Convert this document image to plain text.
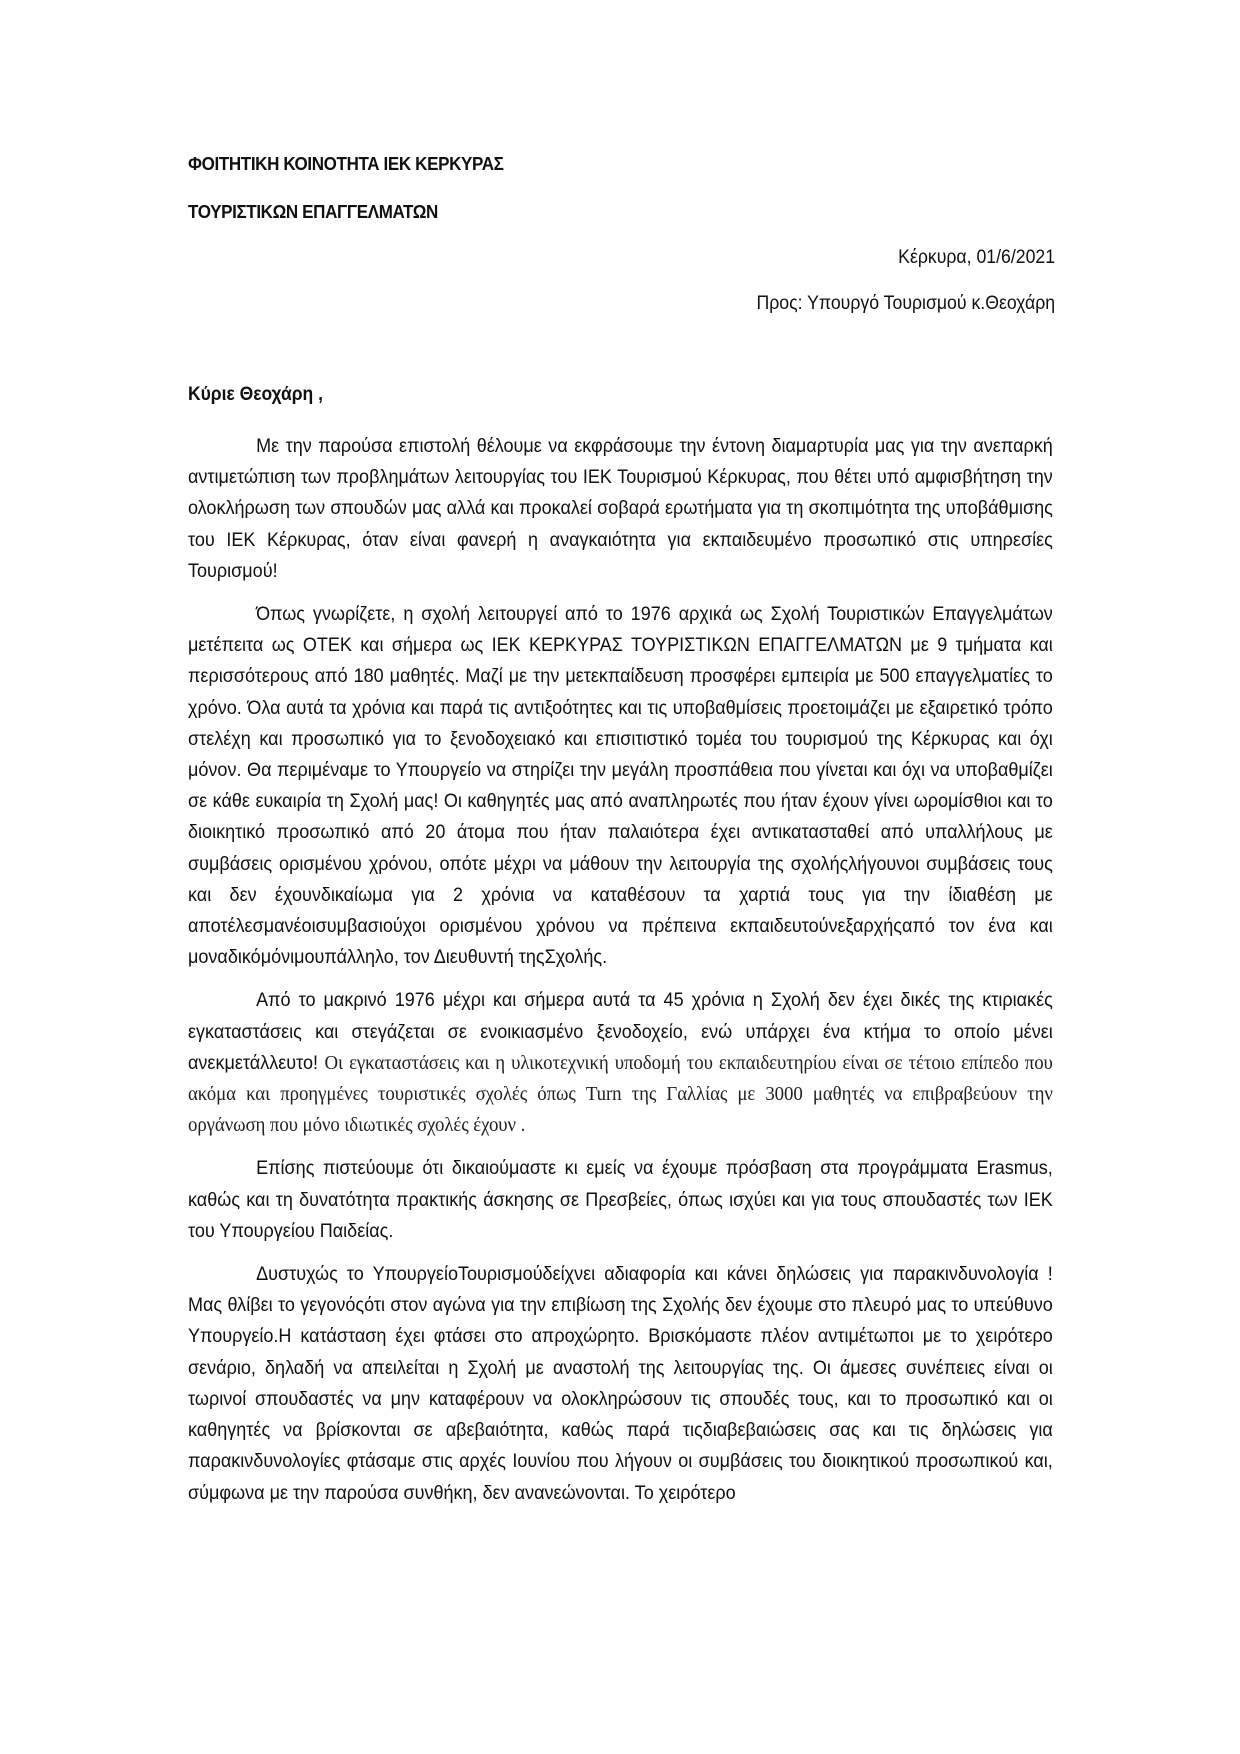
ΦΟΙΤΗΤΙΚΗ ΚΟΙΝΟΤΗΤΑ ΙΕΚ ΚΕΡΚΥΡΑΣ
ΤΟΥΡΙΣΤΙΚΩΝ ΕΠΑΓΓΕΛΜΑΤΩΝ
Κέρκυρα, 01/6/2021
Προς: Υπουργό Τουρισμού κ.Θεοχάρη
Κύριε Θεοχάρη ,

Με την παρούσα επιστολή θέλουμε να εκφράσουμε την έντονη διαμαρτυρία μας για την ανεπαρκή αντιμετώπιση των προβλημάτων λειτουργίας του ΙΕΚ Τουρισμού Κέρκυρας, που θέτει υπό αμφισβήτηση την ολοκλήρωση των σπουδών μας αλλά και προκαλεί σοβαρά ερωτήματα για τη σκοπιμότητα της υποβάθμισης του ΙΕΚ Κέρκυρας, όταν είναι φανερή η αναγκαιότητα για εκπαιδευμένο προσωπικό στις υπηρεσίες Τουρισμού!

Όπως γνωρίζετε, η σχολή λειτουργεί από το 1976 αρχικά ως Σχολή Τουριστικών Επαγγελμάτων μετέπειτα ως ΟΤΕΚ και σήμερα ως ΙΕΚ ΚΕΡΚΥΡΑΣ ΤΟΥΡΙΣΤΙΚΩΝ ΕΠΑΓΓΕΛΜΑΤΩΝ με 9 τμήματα και περισσότερους από 180 μαθητές. Μαζί με την μετεκπαίδευση προσφέρει εμπειρία με 500 επαγγελματίες το χρόνο. Όλα αυτά τα χρόνια και παρά τις αντιξοότητες και τις υποβαθμίσεις προετοιμάζει με εξαιρετικό τρόπο στελέχη και προσωπικό για το ξενοδοχειακό και επισιτιστικό τομέα του τουρισμού της Κέρκυρας και όχι μόνον. Θα περιμέναμε το Υπουργείο να στηρίζει την μεγάλη προσπάθεια που γίνεται και όχι να υποβαθμίζει σε κάθε ευκαιρία τη Σχολή μας! Οι καθηγητές μας από αναπληρωτές που ήταν έχουν γίνει ωρομίσθιοι και το διοικητικό προσωπικό από 20 άτομα που ήταν παλαιότερα έχει αντικατασταθεί από υπαλλήλους με συμβάσεις ορισμένου χρόνου, οπότε μέχρι να μάθουν την λειτουργία της σχολήςλήγουνοι συμβάσεις τους και δεν έχουνδικαίωμα για 2 χρόνια να καταθέσουν τα χαρτιά τους για την ίδιαθέση με αποτέλεσμανέοισυμβασιούχοι ορισμένου χρόνου να πρέπεινα εκπαιδευτούνεξαρχήςαπό τον ένα και μοναδικόμόνιμουπάλληλο, τον Διευθυντή τηςΣχολής.

Από το μακρινό 1976 μέχρι και σήμερα αυτά τα 45 χρόνια η Σχολή δεν έχει δικές της κτιριακές εγκαταστάσεις και στεγάζεται σε ενοικιασμένο ξενοδοχείο, ενώ υπάρχει ένα κτήμα το οποίο μένει ανεκμετάλλευτο! Οι εγκαταστάσεις και η υλικοτεχνική υποδομή του εκπαιδευτηρίου είναι σε τέτοιο επίπεδο που ακόμα και προηγμένες τουριστικές σχολές όπως Turn της Γαλλίας με 3000 μαθητές να επιβραβεύουν την οργάνωση που μόνο ιδιωτικές σχολές έχουν .

Επίσης πιστεύουμε ότι δικαιούμαστε κι εμείς να έχουμε πρόσβαση στα προγράμματα Erasmus, καθώς και τη δυνατότητα πρακτικής άσκησης σε Πρεσβείες, όπως ισχύει και για τους σπουδαστές των ΙΕΚ του Υπουργείου Παιδείας.

Δυστυχώς το ΥπουργείοΤουρισμούδείχνει αδιαφορία και κάνει δηλώσεις για παρακινδυνολογία ! Μας θλίβει το γεγονόςότι στον αγώνα για την επιβίωση της Σχολής δεν έχουμε στο πλευρό μας το υπεύθυνο Υπουργείο.Η κατάσταση έχει φτάσει στο απροχώρητο. Βρισκόμαστε πλέον αντιμέτωποι με το χειρότερο σενάριο, δηλαδή να απειλείται η Σχολή με αναστολή της λειτουργίας της. Οι άμεσες συνέπειες είναι οι τωρινοί σπουδαστές να μην καταφέρουν να ολοκληρώσουν τις σπουδές τους, και το προσωπικό και οι καθηγητές να βρίσκονται σε αβεβαιότητα, καθώς παρά τιςδιαβεβαιώσεις σας και τις δηλώσεις για παρακινδυνολογίες φτάσαμε στις αρχές Ιουνίου που λήγουν οι συμβάσεις του διοικητικού προσωπικού και, σύμφωνα με την παρούσα συνθήκη, δεν ανανεώνονται. Το χειρότερο
